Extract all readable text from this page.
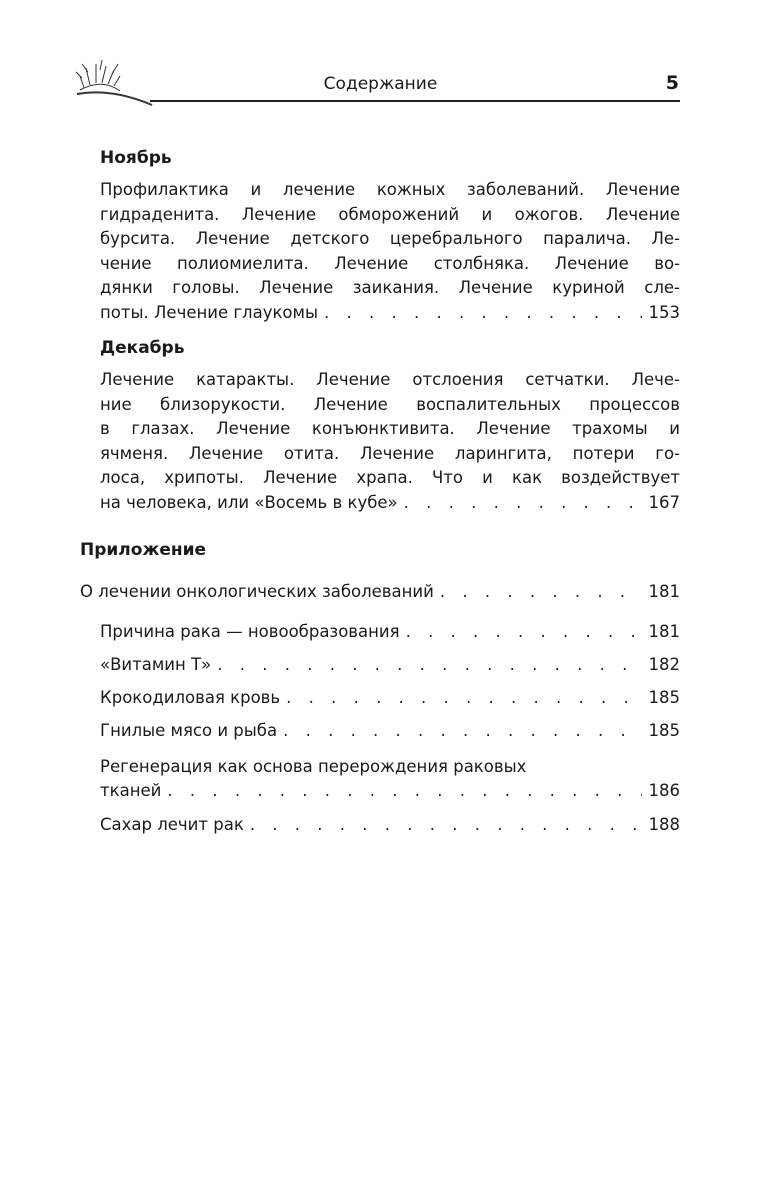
Содержание	5
Ноябрь
Профилактика и лечение кожных заболеваний. Лечение
гидраденита. Лечение обморожений и ожогов. Лечение
бурсита. Лечение детского церебрального паралича. Ле-
чение полиомиелита. Лечение столбняка. Лечение во-
дянки головы. Лечение заикания. Лечение куриной сле-
поты. Лечение глаукомы . . .	153
Декабрь
Лечение катаракты. Лечение отслоения сетчатки. Лече-
ние близорукости. Лечение воспалительных процессов
в глазах. Лечение конъюнктивита. Лечение трахомы и
ячменя. Лечение отита. Лечение ларингита, потери го-
лоса, хрипоты. Лечение храпа. Что и как воздействует
на человека, или «Восемь в кубе» . . .	167
Приложение
О лечении онкологических заболеваний . . .	181
Причина рака — новообразования . . .	181
«Витамин Т» . . .	182
Крокодиловая кровь . . .	185
Гнилые мясо и рыба . . .	185
Регенерация как основа перерождения раковых
тканей . . .	186
Сахар лечит рак . . .	188
